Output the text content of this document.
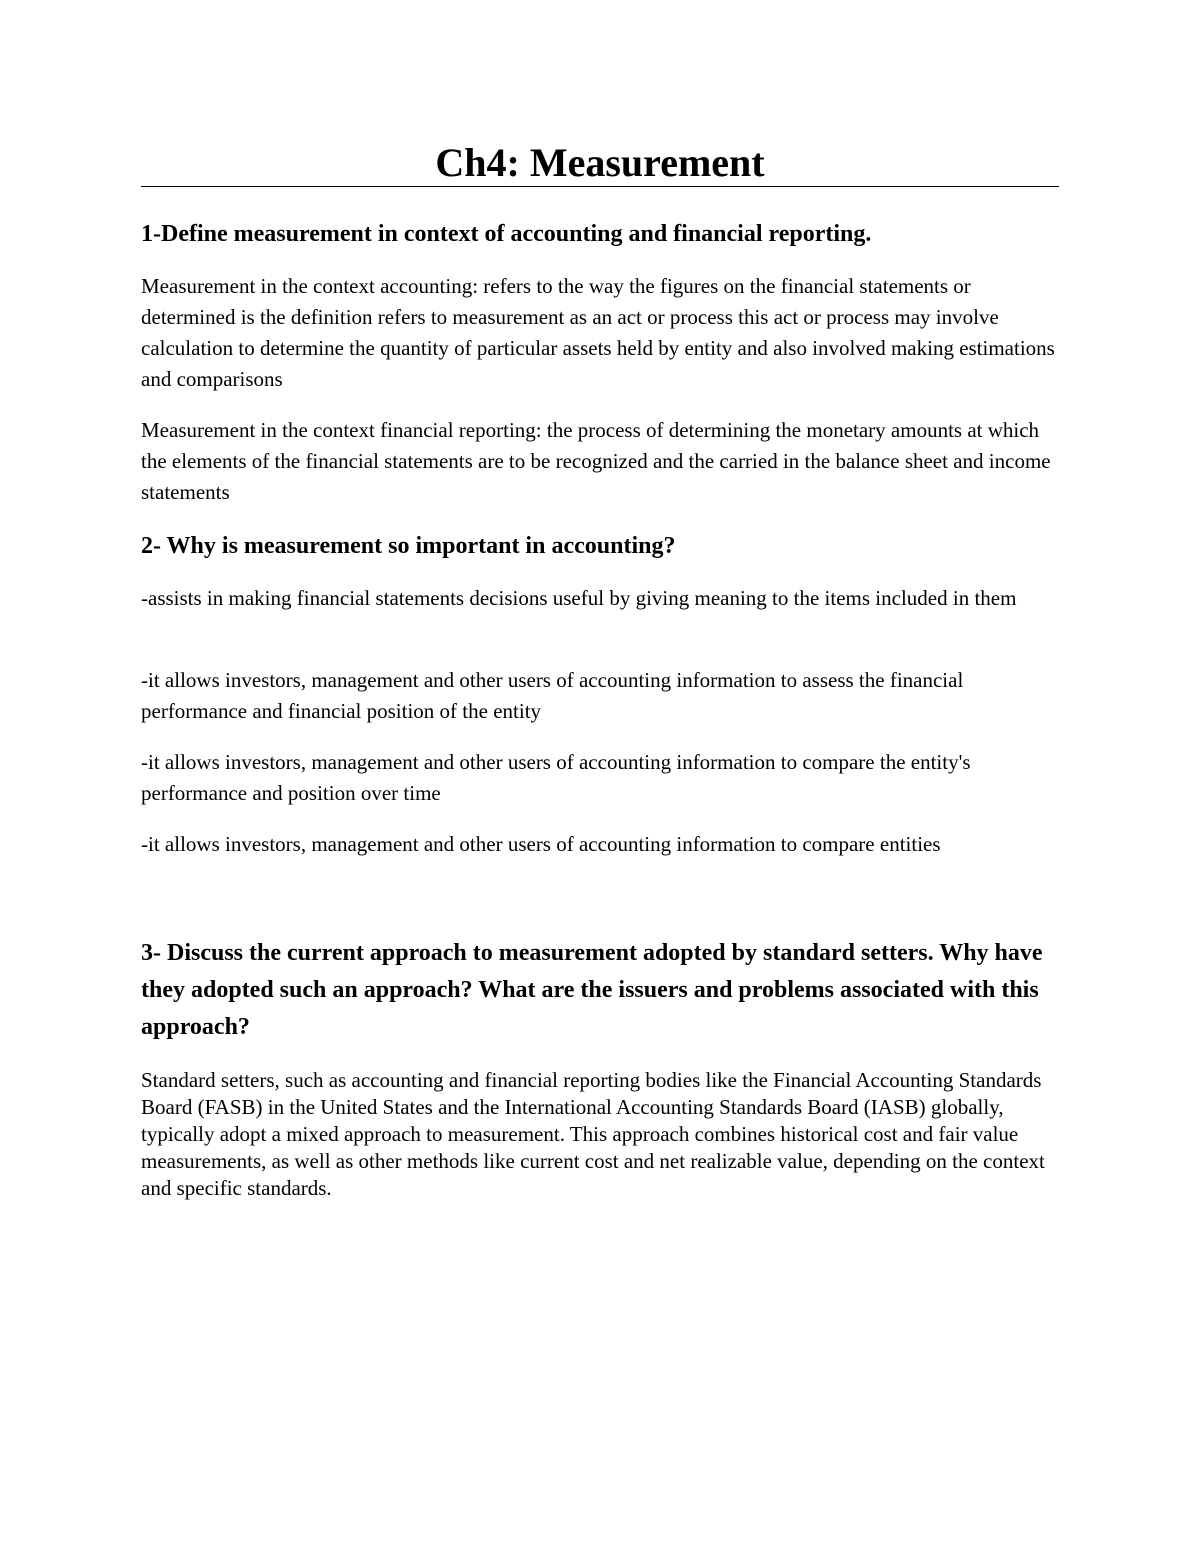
Ch4: Measurement
1-Define measurement in context of accounting and financial reporting.

Measurement in the context accounting: refers to the way the figures on the financial statements or determined is the definition refers to measurement as an act or process this act or process may involve calculation to determine the quantity of particular assets held by entity and also involved making estimations and comparisons

Measurement in the context financial reporting: the process of determining the monetary amounts at which the elements of the financial statements are to be recognized and the carried in the balance sheet and income statements

2- Why is measurement so important in accounting?

-assists in making financial statements decisions useful by giving meaning to the items included in them

-it allows investors, management and other users of accounting information to assess the financial performance and financial position of the entity

-it allows investors, management and other users of accounting information to compare the entity's performance and position over time

-it allows investors, management and other users of accounting information to compare entities

3- Discuss the current approach to measurement adopted by standard setters. Why have they adopted such an approach? What are the issuers and problems associated with this approach?

Standard setters, such as accounting and financial reporting bodies like the Financial Accounting Standards Board (FASB) in the United States and the International Accounting Standards Board (IASB) globally, typically adopt a mixed approach to measurement. This approach combines historical cost and fair value measurements, as well as other methods like current cost and net realizable value, depending on the context and specific standards.
